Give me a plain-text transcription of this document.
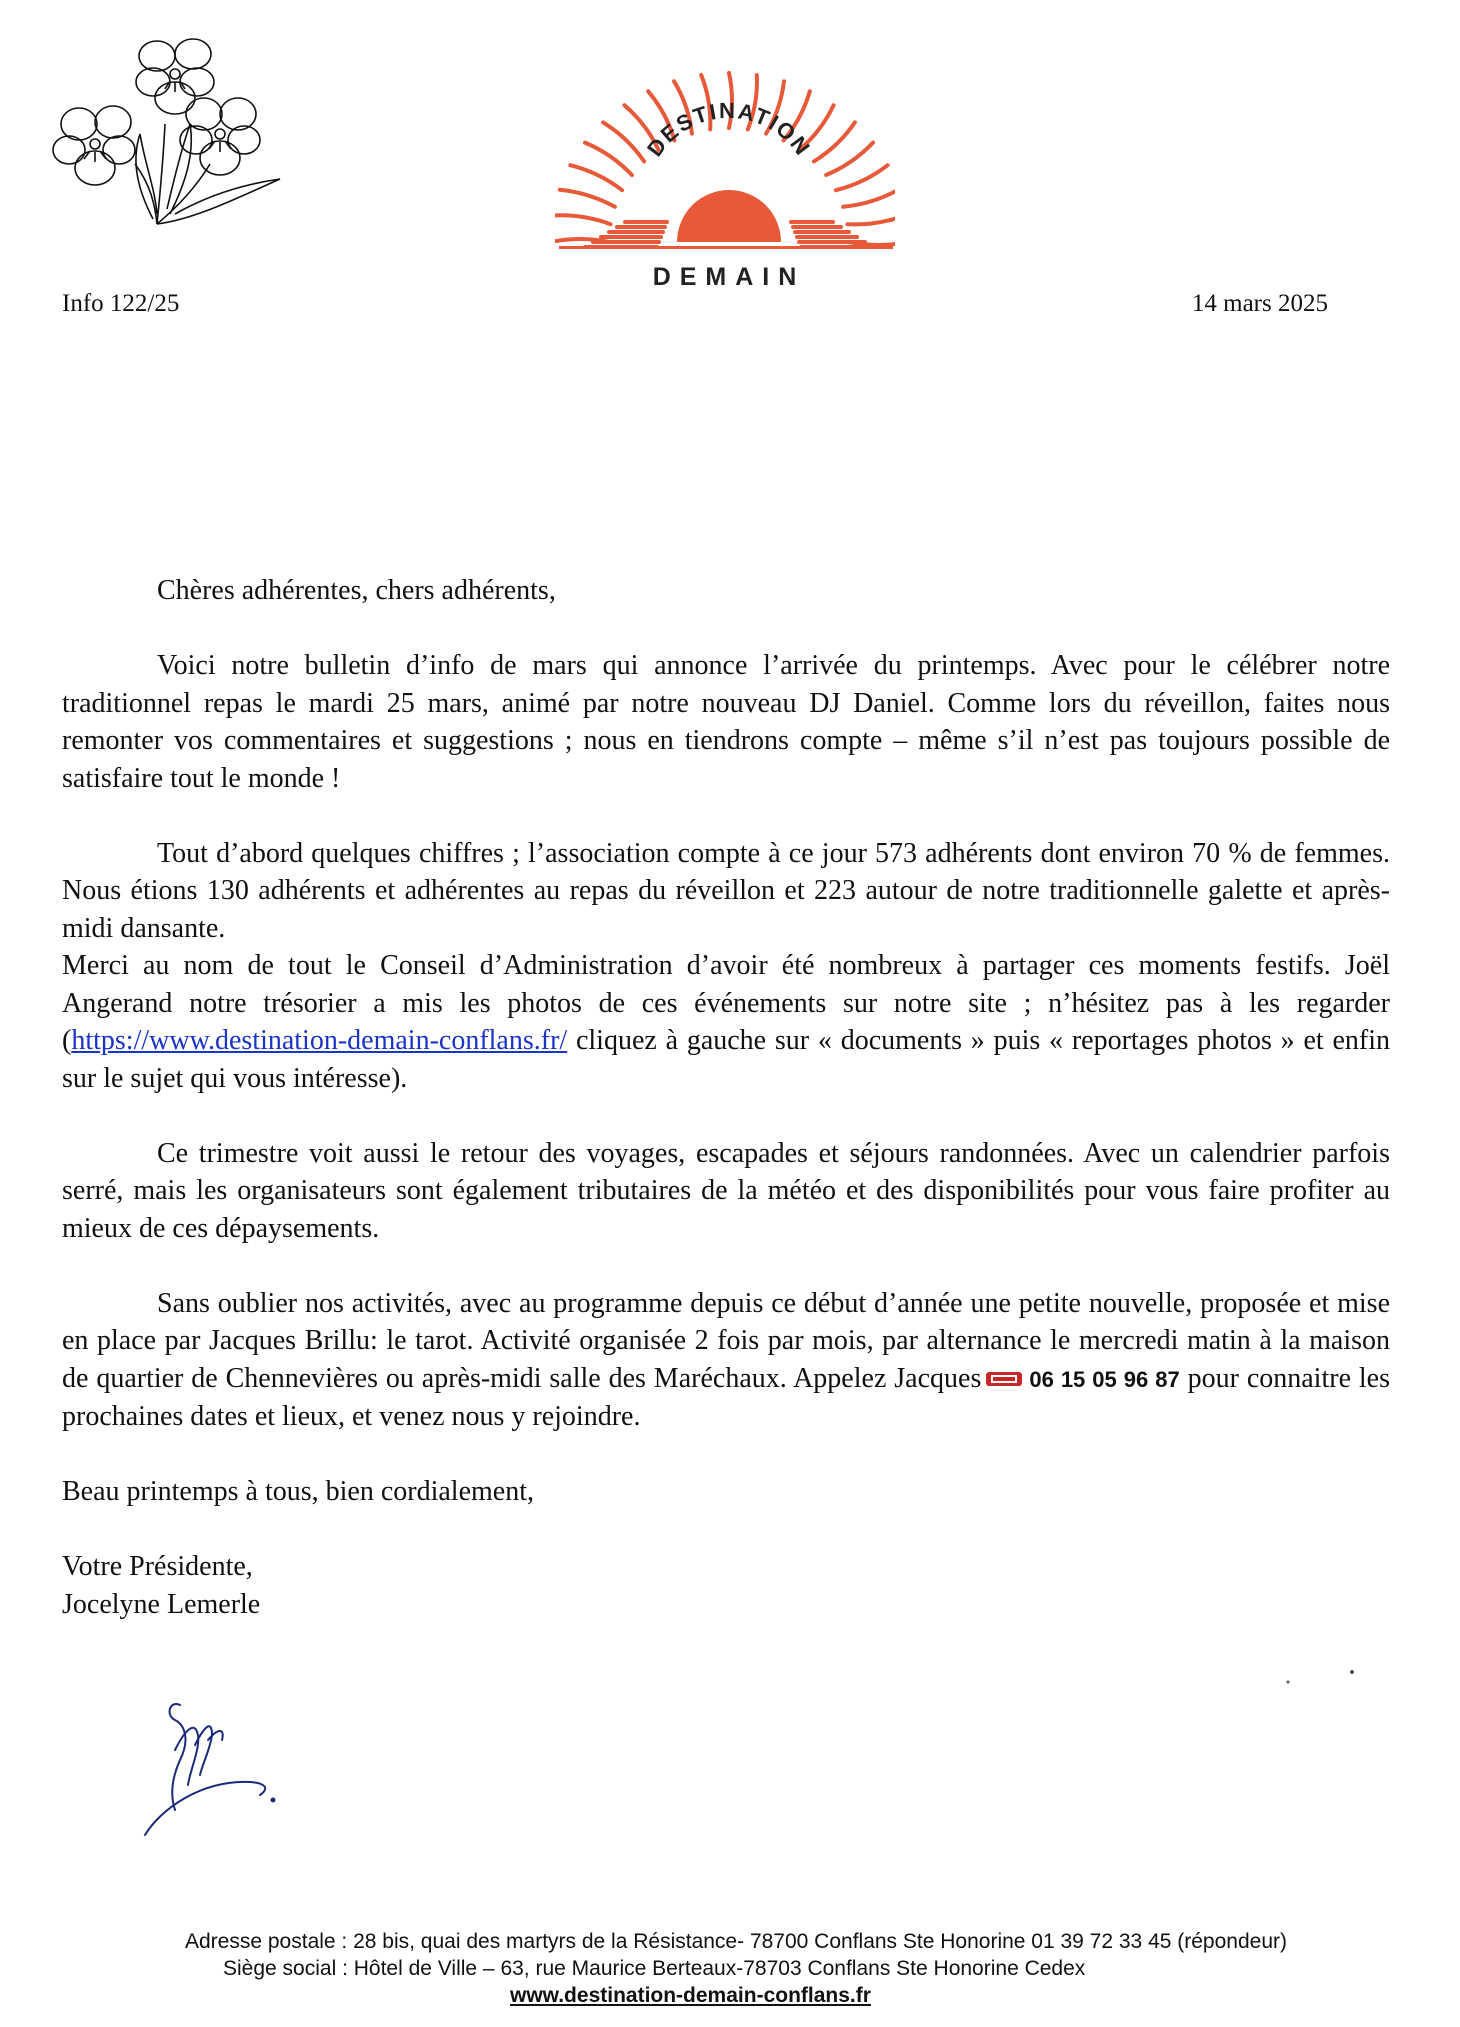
DESTINATION
DEMAIN
Info 122/25	14 mars 2025

Chères adhérentes, chers adhérents,

Voici notre bulletin d’info de mars qui annonce l’arrivée du printemps. Avec pour le célébrer notre traditionnel repas le mardi 25 mars, animé par notre nouveau DJ Daniel. Comme lors du réveillon, faites nous remonter vos commentaires et suggestions ; nous en tiendrons compte – même s’il n’est pas toujours possible de satisfaire tout le monde !

Tout d’abord quelques chiffres ; l’association compte à ce jour 573 adhérents dont environ 70 % de femmes. Nous étions 130 adhérents et adhérentes au repas du réveillon et 223 autour de notre traditionnelle galette et après-midi dansante.

Merci au nom de tout le Conseil d’Administration d’avoir été nombreux à partager ces moments festifs. Joël Angerand notre trésorier a mis les photos de ces événements sur notre site ; n’hésitez pas à les regarder (https://www.destination-demain-conflans.fr/ cliquez à gauche sur « documents » puis « reportages photos » et enfin sur le sujet qui vous intéresse).

Ce trimestre voit aussi le retour des voyages, escapades et séjours randonnées. Avec un calendrier parfois serré, mais les organisateurs sont également tributaires de la météo et des disponibilités pour vous faire profiter au mieux de ces dépaysements.

Sans oublier nos activités, avec au programme depuis ce début d’année une petite nouvelle, proposée et mise en place par Jacques Brillu: le tarot. Activité organisée 2 fois par mois, par alternance le mercredi matin à la maison de quartier de Chennevières ou après-midi salle des Maréchaux. Appelez Jacques 06 15 05 96 87 pour connaitre les prochaines dates et lieux, et venez nous y rejoindre.

Beau printemps à tous, bien cordialement,

Votre Présidente,

Jocelyne Lemerle

Adresse postale : 28 bis, quai des martyrs de la Résistance- 78700 Conflans Ste Honorine 01 39 72 33 45 (répondeur)
Siège social : Hôtel de Ville – 63, rue Maurice Berteaux-78703 Conflans Ste Honorine Cedex
www.destination-demain-conflans.fr
